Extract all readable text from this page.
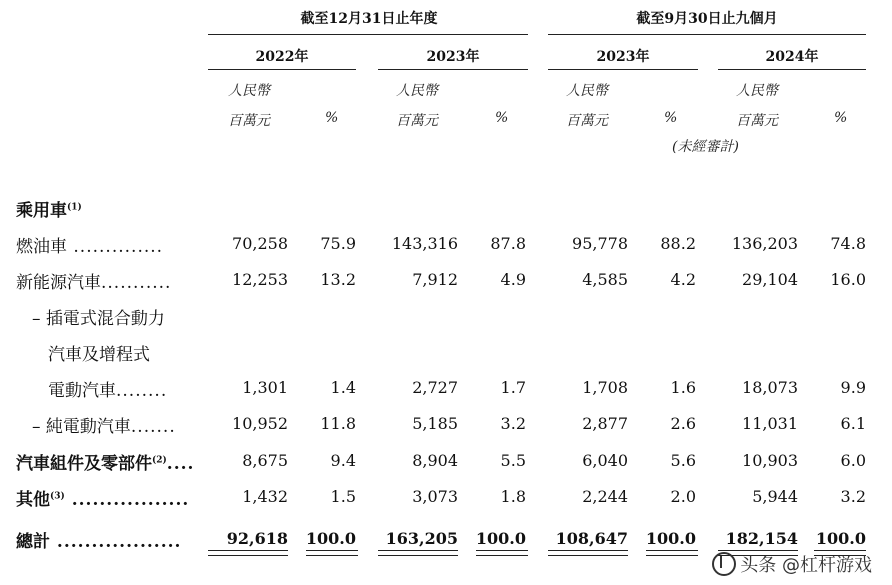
截至12月31日止年度	截至9月30日止九個月
2022年	2023年	2023年	2024年
人民幣
百萬元	%
人民幣
百萬元	%
人民幣
百萬元	%
人民幣
百萬元	%
(未經審計)
乘用車$^{(1)}$
燃油車 ..............	70,258	75.9	143,316	87.8	95,778	88.2	136,203	74.8
新能源汽車...........	12,253	13.2	7,912	4.9	4,585	4.2	29,104	16.0
– 插電式混合動力
汽車及增程式
電動汽車........	1,301	1.4	2,727	1.7	1,708	1.6	18,073	9.9
– 純電動汽車.......	10,952	11.8	5,185	3.2	2,877	2.6	11,031	6.1
汽車組件及零部件$^{(2)}$....	8,675	9.4	8,904	5.5	6,040	5.6	10,903	6.0
其他$^{(3)}$ .................	1,432	1.5	3,073	1.8	2,244	2.0	5,944	3.2
總計 ..................	92,618	100.0	163,205	100.0	108,647	100.0	182,154	100.0
头条 @杠杆游戏
